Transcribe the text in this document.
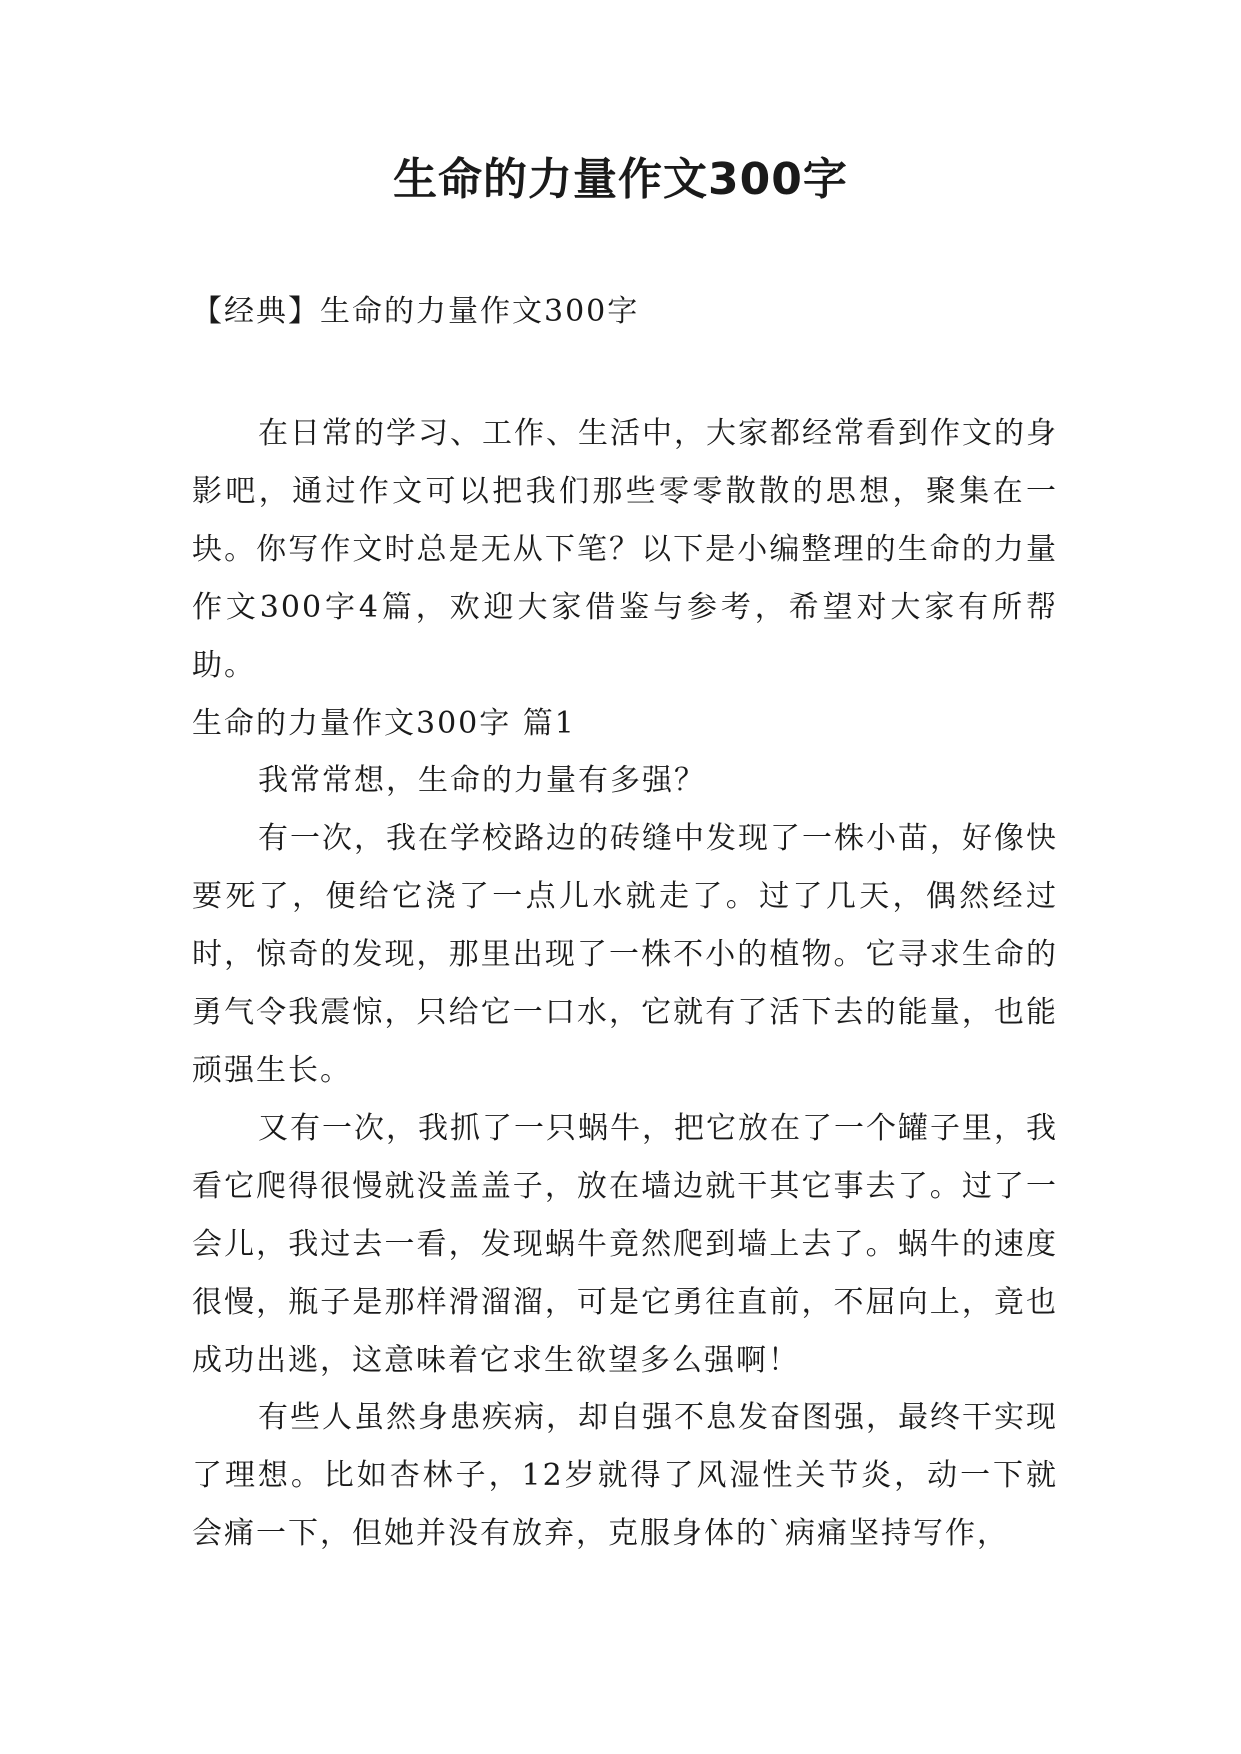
生命的力量作文300字
【经典】生命的力量作文300字

在日常的学习、工作、生活中，大家都经常看到作文的身影吧，通过作文可以把我们那些零零散散的思想，聚集在一块。你写作文时总是无从下笔？以下是小编整理的生命的力量作文300字4篇，欢迎大家借鉴与参考，希望对大家有所帮助。

生命的力量作文300字 篇1

我常常想，生命的力量有多强？

有一次，我在学校路边的砖缝中发现了一株小苗，好像快要死了，便给它浇了一点儿水就走了。过了几天，偶然经过时，惊奇的发现，那里出现了一株不小的植物。它寻求生命的勇气令我震惊，只给它一口水，它就有了活下去的能量，也能顽强生长。

又有一次，我抓了一只蜗牛，把它放在了一个罐子里，我看它爬得很慢就没盖盖子，放在墙边就干其它事去了。过了一会儿，我过去一看，发现蜗牛竟然爬到墙上去了。蜗牛的速度很慢，瓶子是那样滑溜溜，可是它勇往直前，不屈向上，竟也成功出逃，这意味着它求生欲望多么强啊！

有些人虽然身患疾病，却自强不息发奋图强，最终干实现了理想。比如杏林子，12岁就得了风湿性关节炎，动一下就会痛一下，但她并没有放弃，克服身体的`病痛坚持写作，
